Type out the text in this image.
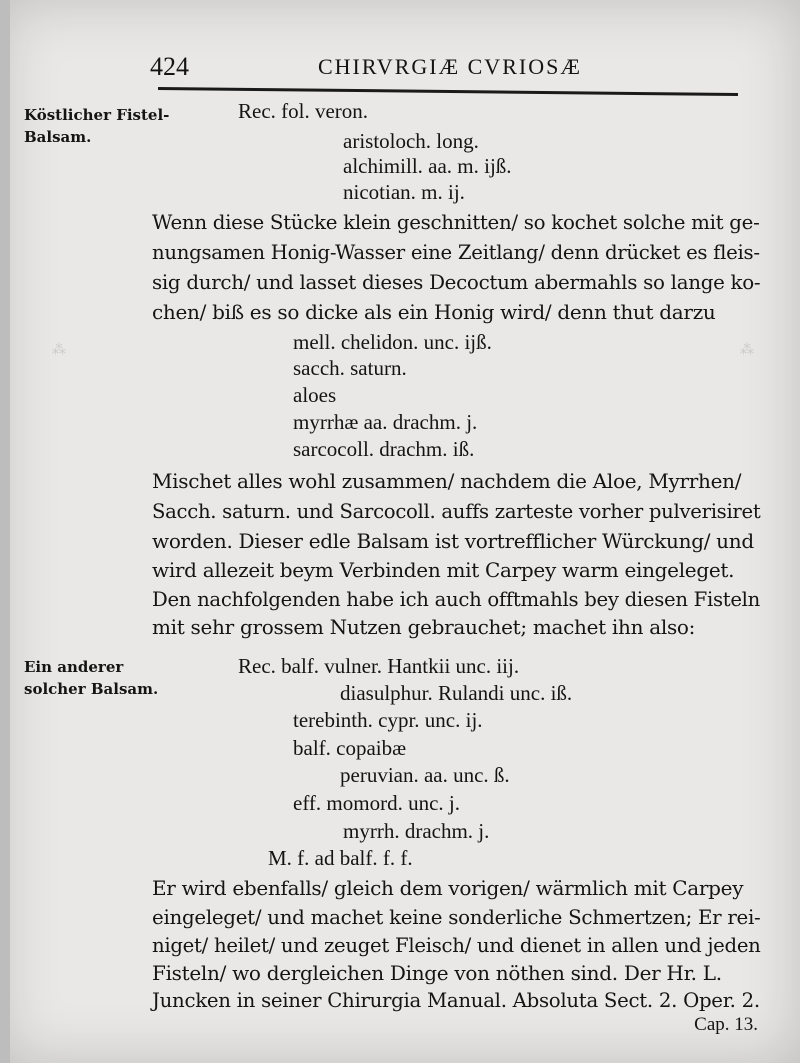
⁂	⁂
424	CHIRVRGIÆ CVRIOSÆ
Köstlicher Fistel-
Balsam.
Ein anderer
solcher Balsam.
Rec. fol. veron.
aristoloch. long.
alchimill. aa. m. ijß.
nicotian. m. ij.
Wenn diese Stücke klein geschnitten/ so kochet solche mit ge-
nungsamen Honig-Wasser eine Zeitlang/ denn drücket es fleis-
sig durch/ und lasset dieses Decoctum abermahls so lange ko-
chen/ biß es so dicke als ein Honig wird/ denn thut darzu
mell. chelidon. unc. ijß.
sacch. saturn.
aloes
myrrhæ aa. drachm. j.
sarcocoll. drachm. iß.
Mischet alles wohl zusammen/ nachdem die Aloe, Myrrhen/
Sacch. saturn. und Sarcocoll. auffs zarteste vorher pulverisiret
worden. Dieser edle Balsam ist vortrefflicher Würckung/ und
wird allezeit beym Verbinden mit Carpey warm eingeleget.
Den nachfolgenden habe ich auch offtmahls bey diesen Fisteln
mit sehr grossem Nutzen gebrauchet; machet ihn also:
Rec. balf. vulner. Hantkii unc. iij.
diasulphur. Rulandi unc. iß.
terebinth. cypr. unc. ij.
balf. copaibæ
peruvian. aa. unc. ß.
eff. momord. unc. j.
myrrh. drachm. j.
M. f. ad balf. f. f.
Er wird ebenfalls/ gleich dem vorigen/ wärmlich mit Carpey
eingeleget/ und machet keine sonderliche Schmertzen; Er rei-
niget/ heilet/ und zeuget Fleisch/ und dienet in allen und jeden
Fisteln/ wo dergleichen Dinge von nöthen sind. Der Hr. L.
Juncken in seiner Chirurgia Manual. Absoluta Sect. 2. Oper. 2.
Cap. 13.
